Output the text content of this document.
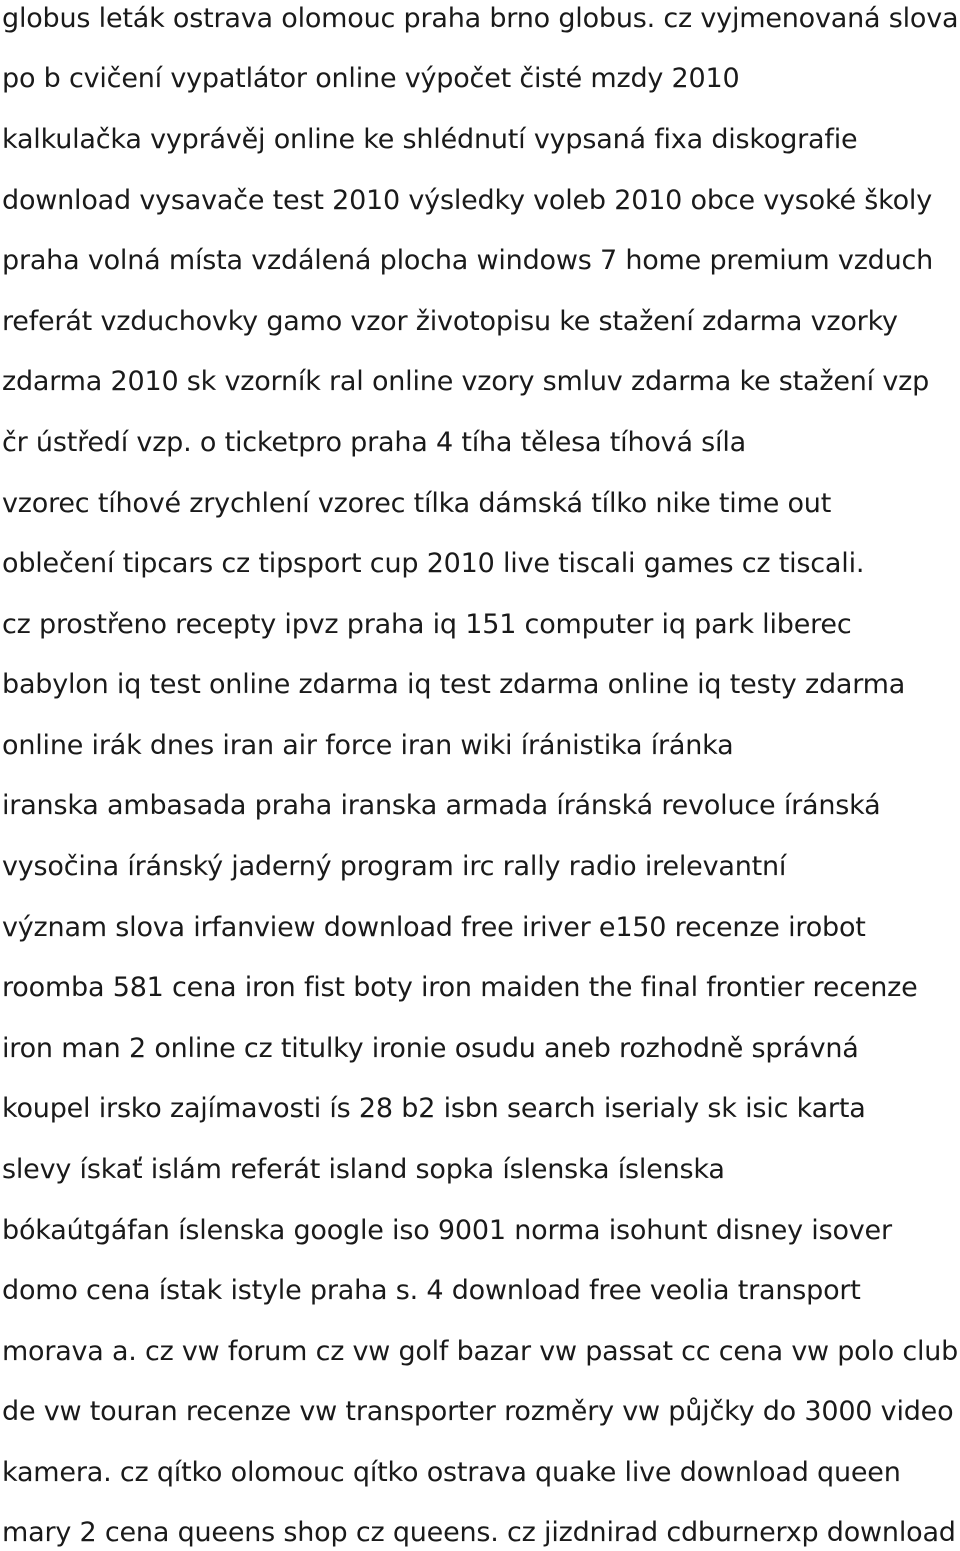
globus leták ostrava olomouc praha brno globus. cz vyjmenovaná slova
po b cvičení vypatlátor online výpočet čisté mzdy 2010
kalkulačka vyprávěj online ke shlédnutí vypsaná fixa diskografie
download vysavače test 2010 výsledky voleb 2010 obce vysoké školy
praha volná místa vzdálená plocha windows 7 home premium vzduch
referát vzduchovky gamo vzor životopisu ke stažení zdarma vzorky
zdarma 2010 sk vzorník ral online vzory smluv zdarma ke stažení vzp
čr ústředí vzp. o ticketpro praha 4 tíha tělesa tíhová síla
vzorec tíhové zrychlení vzorec tílka dámská tílko nike time out
oblečení tipcars cz tipsport cup 2010 live tiscali games cz tiscali.
cz prostřeno recepty ipvz praha iq 151 computer iq park liberec
babylon iq test online zdarma iq test zdarma online iq testy zdarma
online irák dnes iran air force iran wiki íránistika íránka
iranska ambasada praha iranska armada íránská revoluce íránská
vysočina íránský jaderný program irc rally radio irelevantní
význam slova irfanview download free iriver e150 recenze irobot
roomba 581 cena iron fist boty iron maiden the final frontier recenze
iron man 2 online cz titulky ironie osudu aneb rozhodně správná
koupel irsko zajímavosti ís 28 b2 isbn search iserialy sk isic karta
slevy ískať islám referát island sopka íslenska íslenska
bókaútgáfan íslenska google iso 9001 norma isohunt disney isover
domo cena ístak istyle praha s. 4 download free veolia transport
morava a. cz vw forum cz vw golf bazar vw passat cc cena vw polo club
de vw touran recenze vw transporter rozměry vw půjčky do 3000 video
kamera. cz qítko olomouc qítko ostrava quake live download queen
mary 2 cena queens shop cz queens. cz jizdnirad cdburnerxp download
